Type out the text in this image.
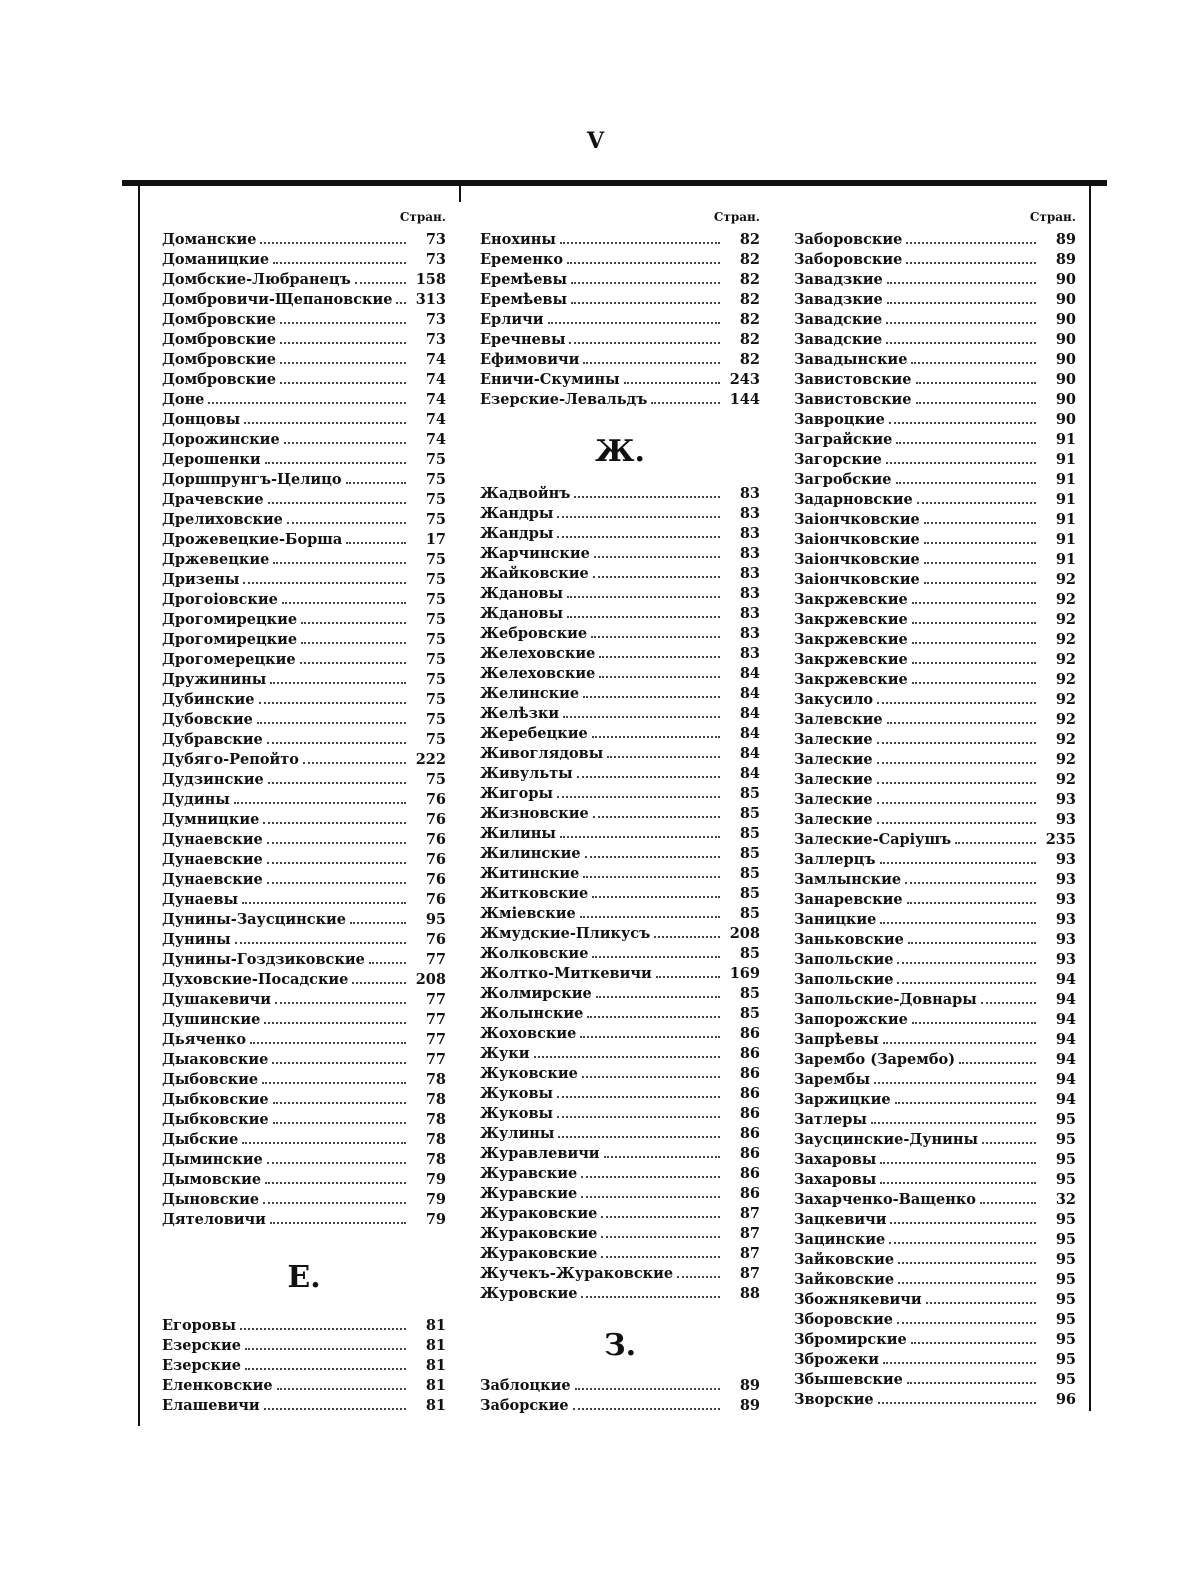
V
Стран.
Доманские	73
Доманицкие	73
Домбские-Любранецъ	158
Домбровичи-Щепановские	313
Домбровские	73
Домбровские	73
Домбровские	74
Домбровские	74
Доне	74
Донцовы	74
Дорожинские	74
Дерошенки	75
Доршпрунгъ-Целицо	75
Драчевские	75
Дрелиховские	75
Дрожевецкие-Борша	17
Држевецкие	75
Дризены	75
Дрогоiовские	75
Дрогомирецкие	75
Дрогомирецкие	75
Дрогомерецкие	75
Дружинины	75
Дубинские	75
Дубовские	75
Дубравские	75
Дубяго-Репойто	222
Дудзинские	75
Дудины	76
Думницкие	76
Дунаевские	76
Дунаевские	76
Дунаевские	76
Дунаевы	76
Дунины-Заусцинские	95
Дунины	76
Дунины-Гоздзиковские	77
Духовские-Посадские	208
Душакевичи	77
Душинские	77
Дьяченко	77
Дыаковские	77
Дыбовские	78
Дыбковские	78
Дыбковские	78
Дыбские	78
Дыминские	78
Дымовские	79
Дыновские	79
Дятеловичи	79
Е.
Егоровы	81
Езерские	81
Езерские	81
Еленковские	81
Елашевичи	81
Стран.
Енохины	82
Еременко	82
Еремѣевы	82
Еремѣевы	82
Ерличи	82
Еречневы	82
Ефимовичи	82
Еничи-Скумины	243
Езерские-Левальдъ	144
Ж.
Жадвойнъ	83
Жандры	83
Жандры	83
Жарчинские	83
Жайковские	83
Ждановы	83
Ждановы	83
Жебровские	83
Желеховские	83
Желеховские	84
Желинские	84
Желѣзки	84
Жеребецкие	84
Живоглядовы	84
Живульты	84
Жигоры	85
Жизновские	85
Жилины	85
Жилинские	85
Житинские	85
Житковские	85
Жмiевские	85
Жмудские-Пликусъ	208
Жолковские	85
Жолтко-Миткевичи	169
Жолмирские	85
Жолынские	85
Жоховские	86
Жуки	86
Жуковские	86
Жуковы	86
Жуковы	86
Жулины	86
Журавлевичи	86
Журавские	86
Журавские	86
Журaковские	87
Журaковские	87
Журaковские	87
Жучекъ-Журaковские	87
Журовские	88
З.
Заблоцкие	89
Заборские	89
Стран.
Заборовские	89
Заборовские	89
Завадзкие	90
Завадзкие	90
Завадские	90
Завадские	90
Завадынские	90
Завистовские	90
Завистовские	90
Завроцкие	90
Заграйские	91
Загорские	91
Загробские	91
Задарновские	91
Заiончковские	91
Заiончковские	91
Заiончковские	91
Заiончковские	92
Закржевские	92
Закржевские	92
Закржевские	92
Закржевские	92
Закржевские	92
Закусило	92
Залевские	92
Залеские	92
Залеские	92
Залеские	92
Залеские	93
Залеские	93
Залеские-Саріушъ	235
Заллерцъ	93
Замлынские	93
Занаревские	93
Заницкие	93
Заньковские	93
Запольские	93
Запольские	94
Запольские-Довнары	94
Запорожские	94
Запрѣевы	94
Зарембо (Зарембо)	94
Зарембы	94
Заржицкие	94
Затлеры	95
Заусцинские-Дунины	95
Захаровы	95
Захаровы	95
Захарченко-Ващенко	32
Зацкевичи	95
Зацинские	95
Зайковские	95
Зайковские	95
Збожнякевичи	95
Зборовские	95
Збромирские	95
Зброжеки	95
Збышевские	95
Зворские	96
